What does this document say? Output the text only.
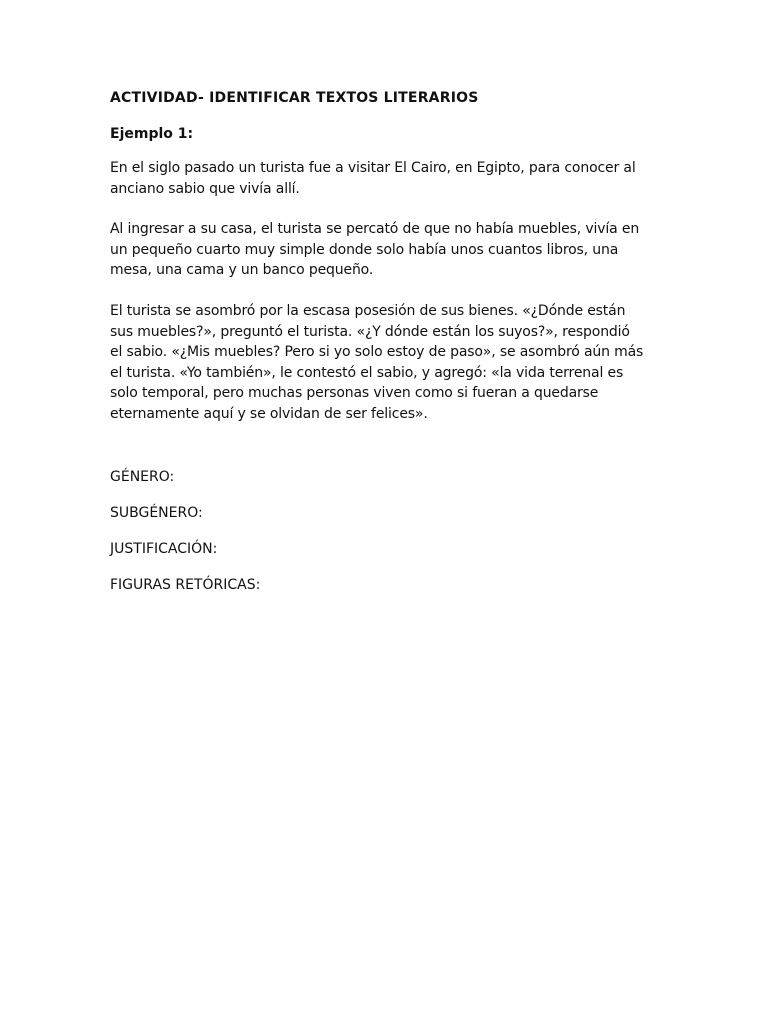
ACTIVIDAD- IDENTIFICAR TEXTOS LITERARIOS
Ejemplo 1:
En el siglo pasado un turista fue a visitar El Cairo, en Egipto, para conocer al
anciano sabio que vivía allí.
Al ingresar a su casa, el turista se percató de que no había muebles, vivía en
un pequeño cuarto muy simple donde solo había unos cuantos libros, una
mesa, una cama y un banco pequeño.
El turista se asombró por la escasa posesión de sus bienes. «¿Dónde están
sus muebles?», preguntó el turista. «¿Y dónde están los suyos?», respondió
el sabio. «¿Mis muebles? Pero si yo solo estoy de paso», se asombró aún más
el turista. «Yo también», le contestó el sabio, y agregó: «la vida terrenal es
solo temporal, pero muchas personas viven como si fueran a quedarse
eternamente aquí y se olvidan de ser felices».
GÉNERO:
SUBGÉNERO:
JUSTIFICACIÓN:
FIGURAS RETÓRICAS:
